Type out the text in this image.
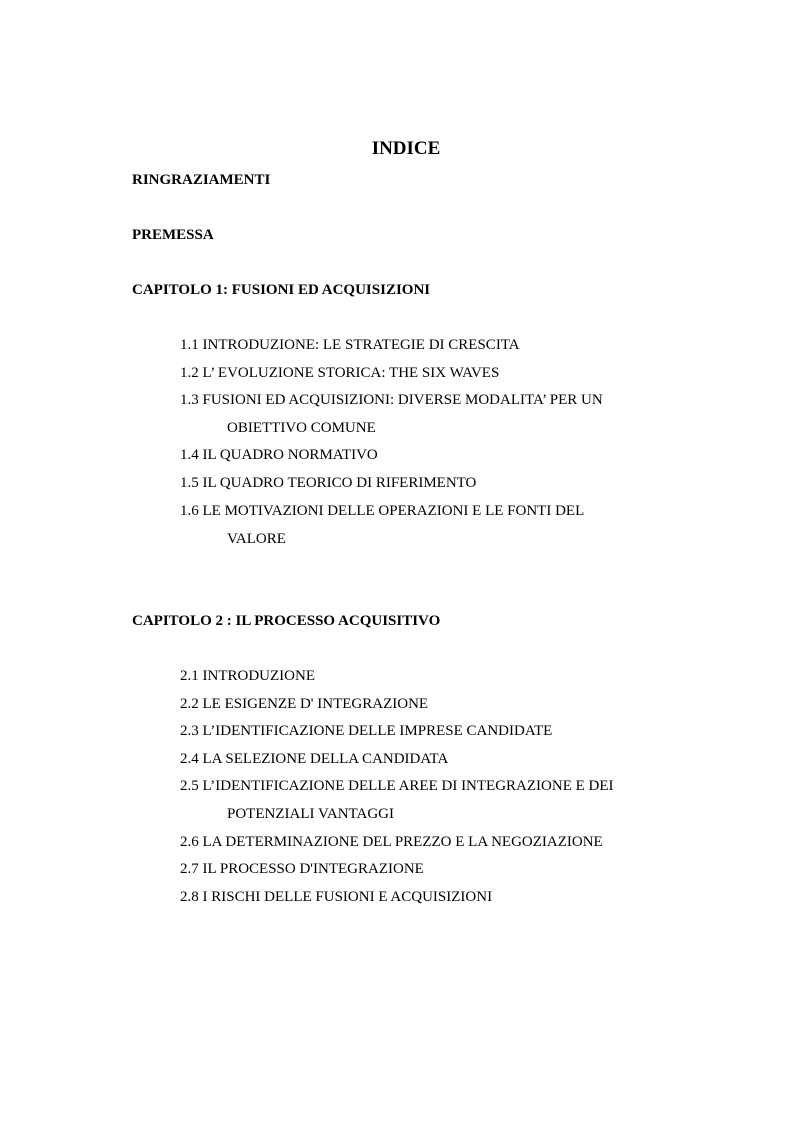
INDICE
RINGRAZIAMENTI
PREMESSA
CAPITOLO 1: FUSIONI ED ACQUISIZIONI
1.1 INTRODUZIONE: LE STRATEGIE DI CRESCITA
1.2 L’ EVOLUZIONE STORICA: THE SIX WAVES
1.3 FUSIONI ED ACQUISIZIONI: DIVERSE MODALITA’ PER UN
OBIETTIVO COMUNE
1.4 IL QUADRO NORMATIVO
1.5 IL QUADRO TEORICO DI RIFERIMENTO
1.6 LE MOTIVAZIONI DELLE OPERAZIONI E LE FONTI DEL
VALORE
CAPITOLO 2 : IL PROCESSO ACQUISITIVO
2.1 INTRODUZIONE
2.2 LE ESIGENZE D' INTEGRAZIONE
2.3 L’IDENTIFICAZIONE DELLE IMPRESE CANDIDATE
2.4 LA SELEZIONE DELLA CANDIDATA
2.5 L’IDENTIFICAZIONE DELLE AREE DI INTEGRAZIONE E DEI
POTENZIALI VANTAGGI
2.6 LA DETERMINAZIONE DEL PREZZO E LA NEGOZIAZIONE
2.7 IL PROCESSO D'INTEGRAZIONE
2.8 I RISCHI DELLE FUSIONI E ACQUISIZIONI
